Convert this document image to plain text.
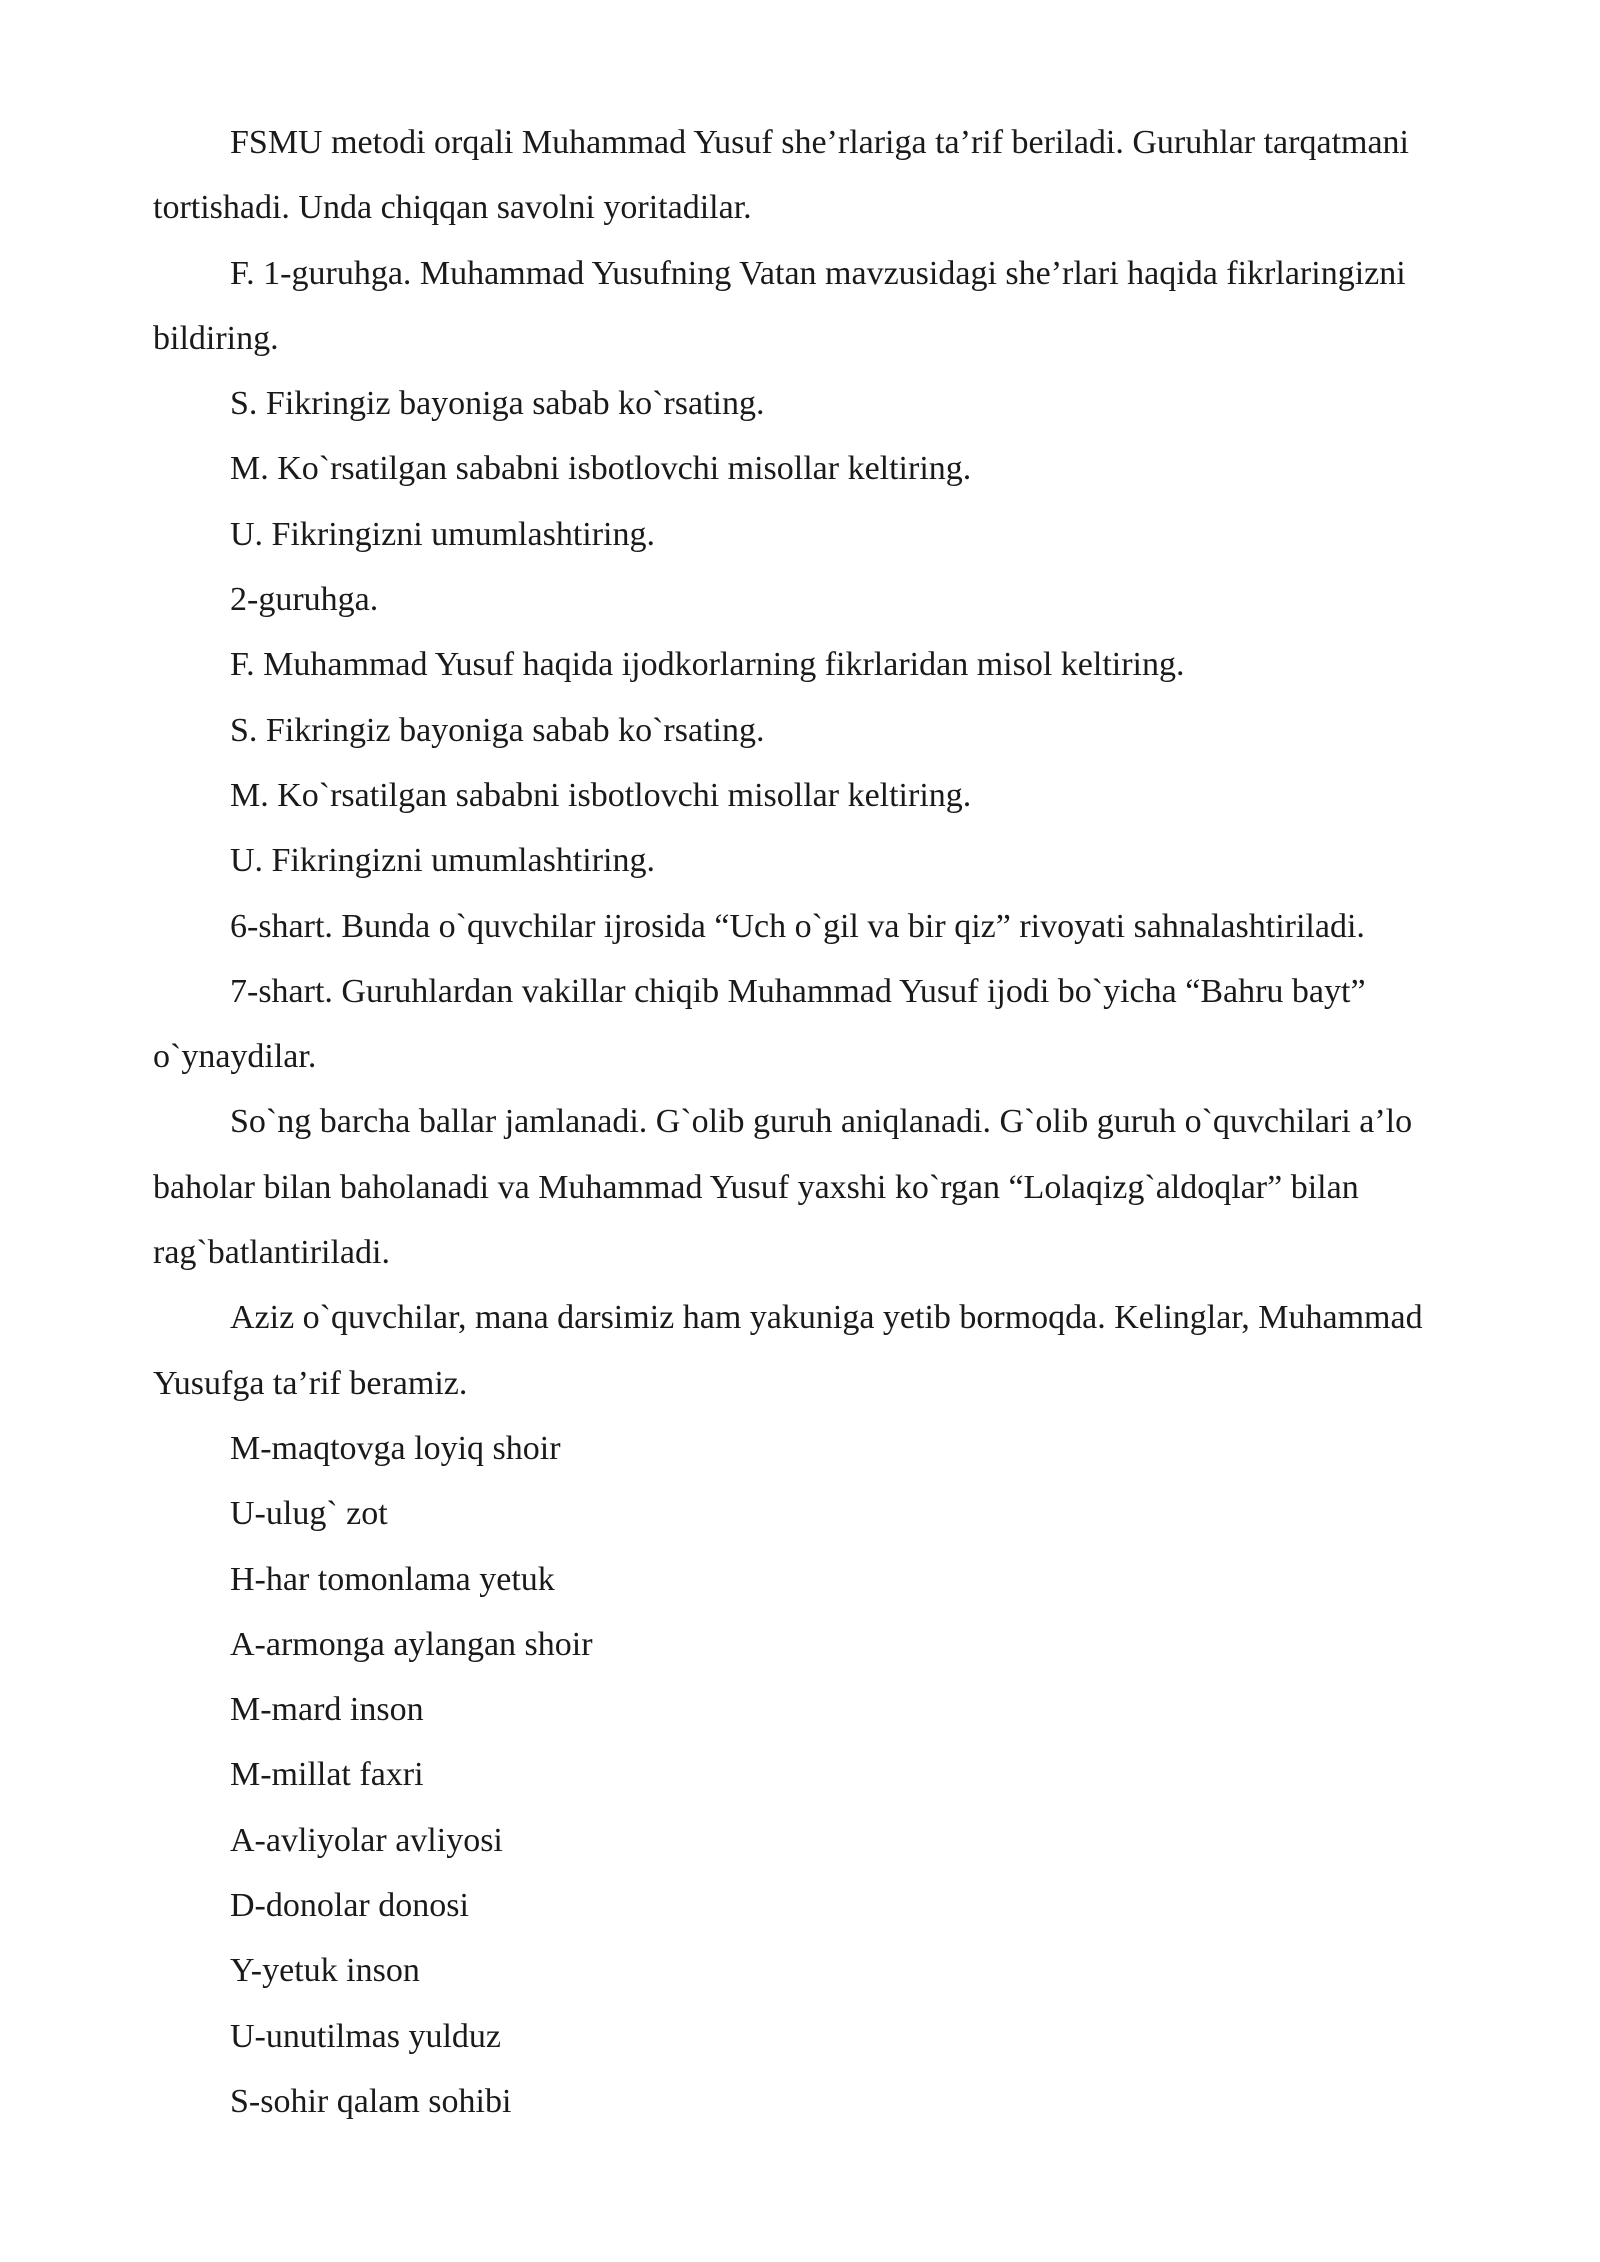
FSMU metodi orqali Muhammad Yusuf she’rlariga ta’rif beriladi. Guruhlar tarqatmani tortishadi. Unda chiqqan savolni yoritadilar.

F. 1-guruhga. Muhammad Yusufning Vatan mavzusidagi she’rlari haqida fikrlaringizni bildiring.

S. Fikringiz bayoniga sabab ko`rsating.

M. Ko`rsatilgan sababni isbotlovchi misollar keltiring.

U. Fikringizni umumlashtiring.

2-guruhga.

F. Muhammad Yusuf haqida ijodkorlarning fikrlaridan misol keltiring.

S. Fikringiz bayoniga sabab ko`rsating.

M. Ko`rsatilgan sababni isbotlovchi misollar keltiring.

U. Fikringizni umumlashtiring.

6-shart. Bunda o`quvchilar ijrosida “Uch o`gil va bir qiz” rivoyati sahnalashtiriladi.

7-shart. Guruhlardan vakillar chiqib Muhammad Yusuf ijodi bo`yicha “Bahru bayt” o`ynaydilar.

So`ng barcha ballar jamlanadi. G`olib guruh aniqlanadi. G`olib guruh o`quvchilari a’lo baholar bilan baholanadi va Muhammad Yusuf yaxshi ko`rgan “Lolaqizg`aldoqlar” bilan rag`batlantiriladi.

Aziz o`quvchilar, mana darsimiz ham yakuniga yetib bormoqda. Kelinglar, Muhammad Yusufga ta’rif beramiz.

M-maqtovga loyiq shoir

U-ulug` zot

H-har tomonlama yetuk

A-armonga aylangan shoir

M-mard inson

M-millat faxri

A-avliyolar avliyosi

D-donolar donosi

Y-yetuk inson

U-unutilmas yulduz

S-sohir qalam sohibi
